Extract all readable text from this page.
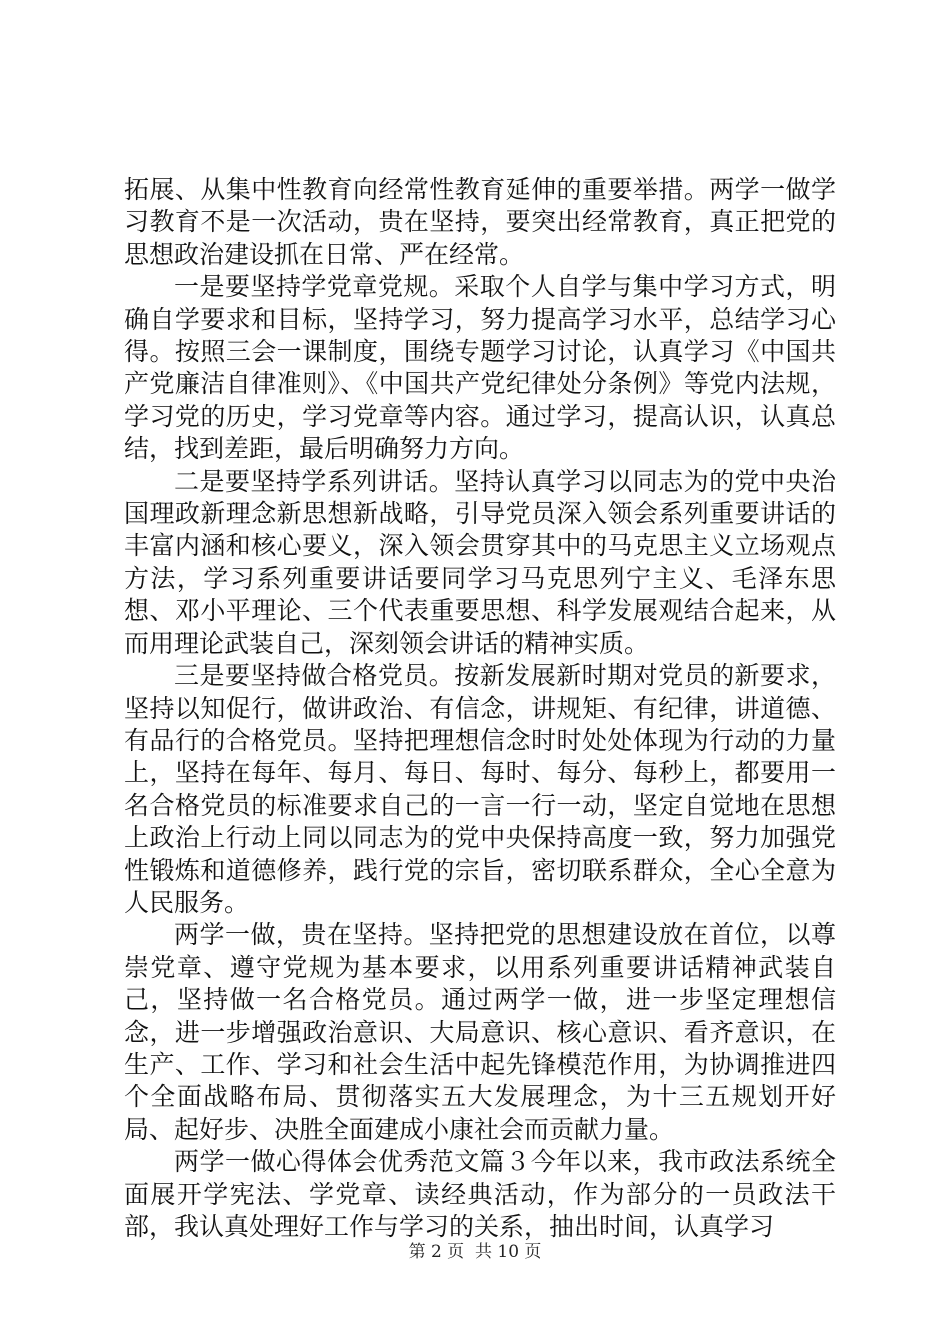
拓展、从集中性教育向经常性教育延伸的重要举措。两学一做学习教育不是一次活动，贵在坚持，要突出经常教育，真正把党的思想政治建设抓在日常、严在经常。

一是要坚持学党章党规。采取个人自学与集中学习方式，明确自学要求和目标，坚持学习，努力提高学习水平，总结学习心得。按照三会一课制度，围绕专题学习讨论，认真学习《中国共产党廉洁自律准则》、《中国共产党纪律处分条例》等党内法规，学习党的历史，学习党章等内容。通过学习，提高认识，认真总结，找到差距，最后明确努力方向。

二是要坚持学系列讲话。坚持认真学习以同志为的党中央治国理政新理念新思想新战略，引导党员深入领会系列重要讲话的丰富内涵和核心要义，深入领会贯穿其中的马克思主义立场观点方法，学习系列重要讲话要同学习马克思列宁主义、毛泽东思想、邓小平理论、三个代表重要思想、科学发展观结合起来，从而用理论武装自己，深刻领会讲话的精神实质。

三是要坚持做合格党员。按新发展新时期对党员的新要求，坚持以知促行，做讲政治、有信念，讲规矩、有纪律，讲道德、有品行的合格党员。坚持把理想信念时时处处体现为行动的力量上，坚持在每年、每月、每日、每时、每分、每秒上，都要用一名合格党员的标准要求自己的一言一行一动，坚定自觉地在思想上政治上行动上同以同志为的党中央保持高度一致，努力加强党性锻炼和道德修养，践行党的宗旨，密切联系群众，全心全意为人民服务。

两学一做，贵在坚持。坚持把党的思想建设放在首位，以尊崇党章、遵守党规为基本要求，以用系列重要讲话精神武装自己，坚持做一名合格党员。通过两学一做，进一步坚定理想信念，进一步增强政治意识、大局意识、核心意识、看齐意识，在生产、工作、学习和社会生活中起先锋模范作用，为协调推进四个全面战略布局、贯彻落实五大发展理念，为十三五规划开好局、起好步、决胜全面建成小康社会而贡献力量。

两学一做心得体会优秀范文篇３今年以来，我市政法系统全面展开学宪法、学党章、读经典活动，作为部分的一员政法干部，我认真处理好工作与学习的关系，抽出时间，认真学习

第 2 页  共 10 页
